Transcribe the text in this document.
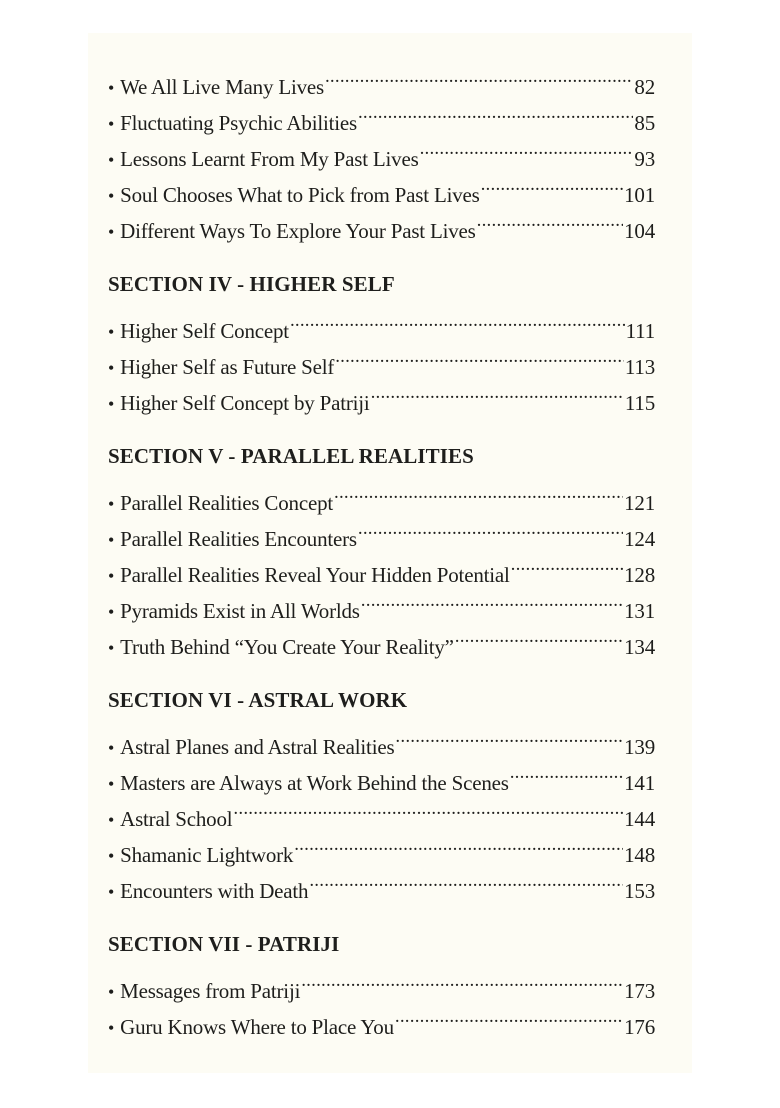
• We All Live Many Lives .....	82
• Fluctuating Psychic Abilities .....	85
• Lessons Learnt From My Past Lives .....	93
• Soul Chooses What to Pick from Past Lives .....	101
• Different Ways To Explore Your Past Lives .....	104
SECTION IV - HIGHER SELF
• Higher Self Concept .....	111
• Higher Self as Future Self .....	113
• Higher Self Concept by Patriji .....	115
SECTION V - PARALLEL REALITIES
• Parallel Realities Concept .....	121
• Parallel Realities Encounters .....	124
• Parallel Realities Reveal Your Hidden Potential .....	128
• Pyramids Exist in All Worlds .....	131
• Truth Behind “You Create Your Reality” .....	134
SECTION VI - ASTRAL WORK
• Astral Planes and Astral Realities .....	139
• Masters are Always at Work Behind the Scenes .....	141
• Astral School .....	144
• Shamanic Lightwork .....	148
• Encounters with Death .....	153
SECTION VII - PATRIJI
• Messages from Patriji .....	173
• Guru Knows Where to Place You .....	176
